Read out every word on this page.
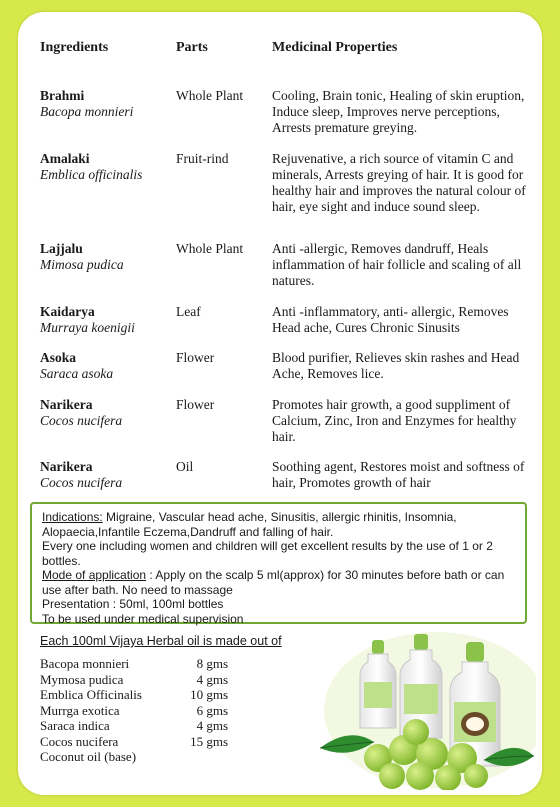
Ingredients	Parts	Medicinal Properties
Brahmi
Bacopa monnieri
Whole Plant	Cooling, Brain tonic, Healing of skin eruption, Induce sleep, Improves nerve perceptions, Arrests premature greying.
Amalaki
Emblica officinalis
Fruit-rind	Rejuvenative, a rich source of vitamin C and minerals, Arrests greying of hair. It is good for healthy hair and improves the natural colour of hair, eye sight and induce sound sleep.
Lajjalu
Mimosa pudica
Whole Plant	Anti -allergic, Removes dandruff, Heals inflammation of hair follicle and scaling of all natures.
Kaidarya
Murraya koenigii
Leaf	Anti -inflammatory, anti- allergic, Removes Head ache, Cures Chronic Sinusits
Asoka
Saraca asoka
Flower	Blood purifier, Relieves skin rashes and Head Ache, Removes lice.
Narikera
Cocos nucifera
Flower	Promotes hair growth, a good suppliment of Calcium, Zinc, Iron and Enzymes for healthy hair.
Narikera
Cocos nucifera
Oil	Soothing agent, Restores moist and softness of hair, Promotes growth of hair

Indications: Migraine, Vascular head ache, Sinusitis, allergic rhinitis, Insomnia, Alopaecia,Infantile Eczema,Dandruff and falling of hair.

Every one including women and children will get excellent results by the use of 1 or 2 bottles.

Mode of application : Apply on the scalp 5 ml(approx) for 30 minutes before bath or can use after bath. No need to massage

Presentation : 50ml, 100ml bottles

To be used under medical supervision

Each 100ml Vijaya Herbal oil is made out of
Bacopa monnieri	8 gms
Mymosa pudica	4 gms
Emblica Officinalis	10 gms
Murrga exotica	6 gms
Saraca indica	4 gms
Cocos nucifera	15 gms
Coconut oil (base)
